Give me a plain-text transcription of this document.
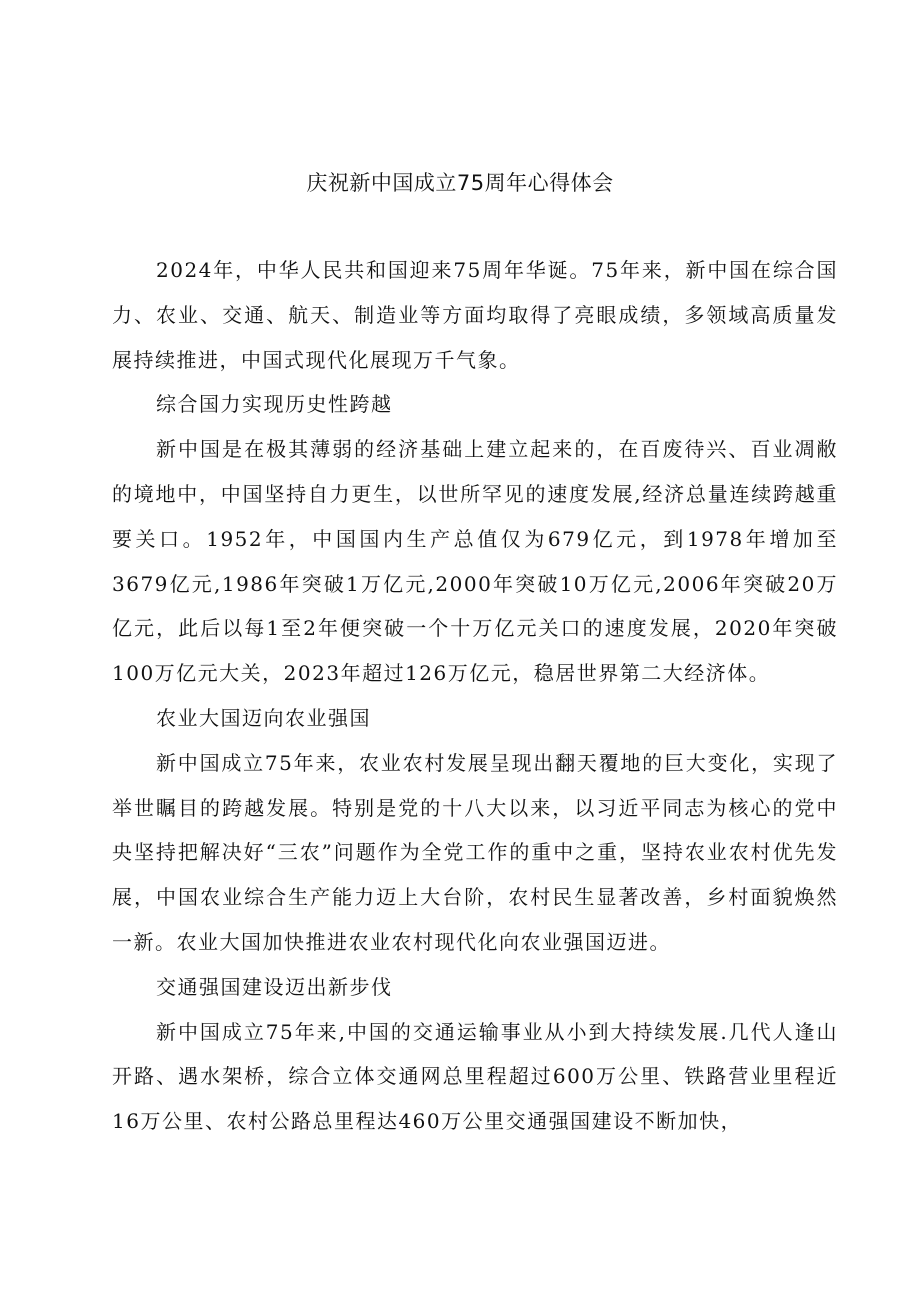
庆祝新中国成立75周年心得体会

2024年，中华人民共和国迎来75周年华诞。75年来，新中国在综合国力、农业、交通、航天、制造业等方面均取得了亮眼成绩，多领域高质量发展持续推进，中国式现代化展现万千气象。

综合国力实现历史性跨越

新中国是在极其薄弱的经济基础上建立起来的，在百废待兴、百业凋敝的境地中，中国坚持自力更生，以世所罕见的速度发展,经济总量连续跨越重要关口。1952年，中国国内生产总值仅为679亿元，到1978年增加至3679亿元,1986年突破1万亿元,2000年突破10万亿元,2006年突破20万亿元，此后以每1至2年便突破一个十万亿元关口的速度发展，2020年突破100万亿元大关，2023年超过126万亿元，稳居世界第二大经济体。

农业大国迈向农业强国

新中国成立75年来，农业农村发展呈现出翻天覆地的巨大变化，实现了举世瞩目的跨越发展。特别是党的十八大以来，以习近平同志为核心的党中央坚持把解决好“三农”问题作为全党工作的重中之重，坚持农业农村优先发展，中国农业综合生产能力迈上大台阶，农村民生显著改善，乡村面貌焕然一新。农业大国加快推进农业农村现代化向农业强国迈进。

交通强国建设迈出新步伐

新中国成立75年来,中国的交通运输事业从小到大持续发展.几代人逢山开路、遇水架桥，综合立体交通网总里程超过600万公里、铁路营业里程近16万公里、农村公路总里程达460万公里交通强国建设不断加快，
